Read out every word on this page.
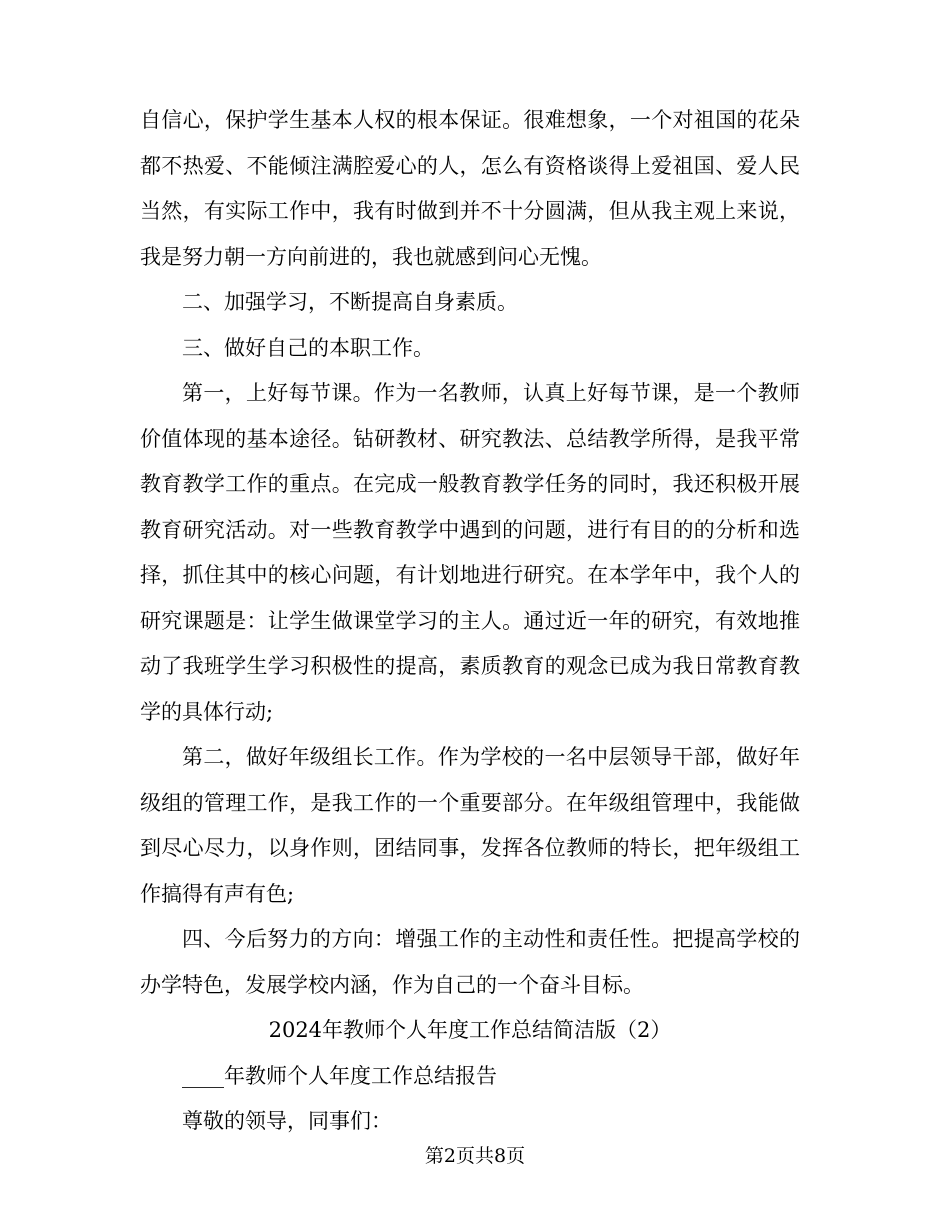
自信心，保护学生基本人权的根本保证。很难想象，一个对祖国的花朵都不热爱、不能倾注满腔爱心的人，怎么有资格谈得上爱祖国、爱人民当然，有实际工作中，我有时做到并不十分圆满，但从我主观上来说，我是努力朝一方向前进的，我也就感到问心无愧。

二、加强学习，不断提高自身素质。

三、做好自己的本职工作。

第一，上好每节课。作为一名教师，认真上好每节课，是一个教师价值体现的基本途径。钻研教材、研究教法、总结教学所得，是我平常教育教学工作的重点。在完成一般教育教学任务的同时，我还积极开展教育研究活动。对一些教育教学中遇到的问题，进行有目的的分析和选择，抓住其中的核心问题，有计划地进行研究。在本学年中，我个人的研究课题是：让学生做课堂学习的主人。通过近一年的研究，有效地推动了我班学生学习积极性的提高，素质教育的观念已成为我日常教育教学的具体行动;

第二，做好年级组长工作。作为学校的一名中层领导干部，做好年级组的管理工作，是我工作的一个重要部分。在年级组管理中，我能做到尽心尽力，以身作则，团结同事，发挥各位教师的特长，把年级组工作搞得有声有色;

四、今后努力的方向：增强工作的主动性和责任性。把提高学校的办学特色，发展学校内涵，作为自己的一个奋斗目标。

2024年教师个人年度工作总结简洁版（2）

____年教师个人年度工作总结报告

尊敬的领导，同事们：

第2页共8页
